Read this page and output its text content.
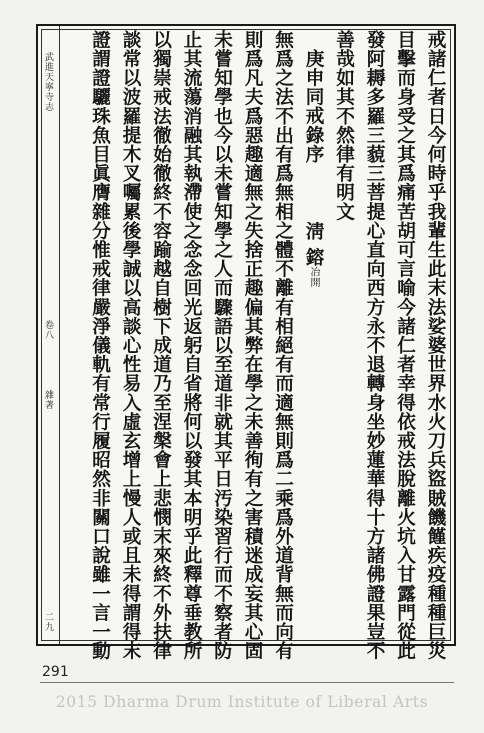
武進天寧寺志
卷八
雜著
二九	戒諸仁者日今何時乎我輩生此末法娑婆世界水火刀兵盜賊饑饉疾疫種種巨災
目擊而身受之其爲痛苦胡可言喻今諸仁者幸得依戒法脫離火坑入甘露門從此
發阿耨多羅三藐三菩提心直向西方永不退轉身坐妙蓮華得十方諸佛證果豈不
善哉如其不然律有明文
庚申同戒錄序淸 鎔冶開
無爲之法不出有爲無相之體不離有相絕有而適無則爲二乘爲外道背無而向有
則爲凡夫爲惡趣適無之失捨正趣偏其弊在學之未善徇有之害積迷成妄其心固
未嘗知學也今以未嘗知學之人而驟語以至道非就其平日汚染習行而不察者防
止其流蕩消融其執滯使之念念回光返躬自省將何以發其本明乎此釋尊垂教所
以獨崇戒法徹始徹終不容踰越自樹下成道乃至涅槃會上悲憫末來終不外扶律
談常以波羅提木叉囑累後學誠以高談心性易入虛玄增上慢人或且未得謂得末
證謂證驪珠魚目眞膺雜分惟戒律嚴淨儀軌有常行履昭然非關口說雖一言一動
291
2015 Dharma Drum Institute of Liberal Arts
